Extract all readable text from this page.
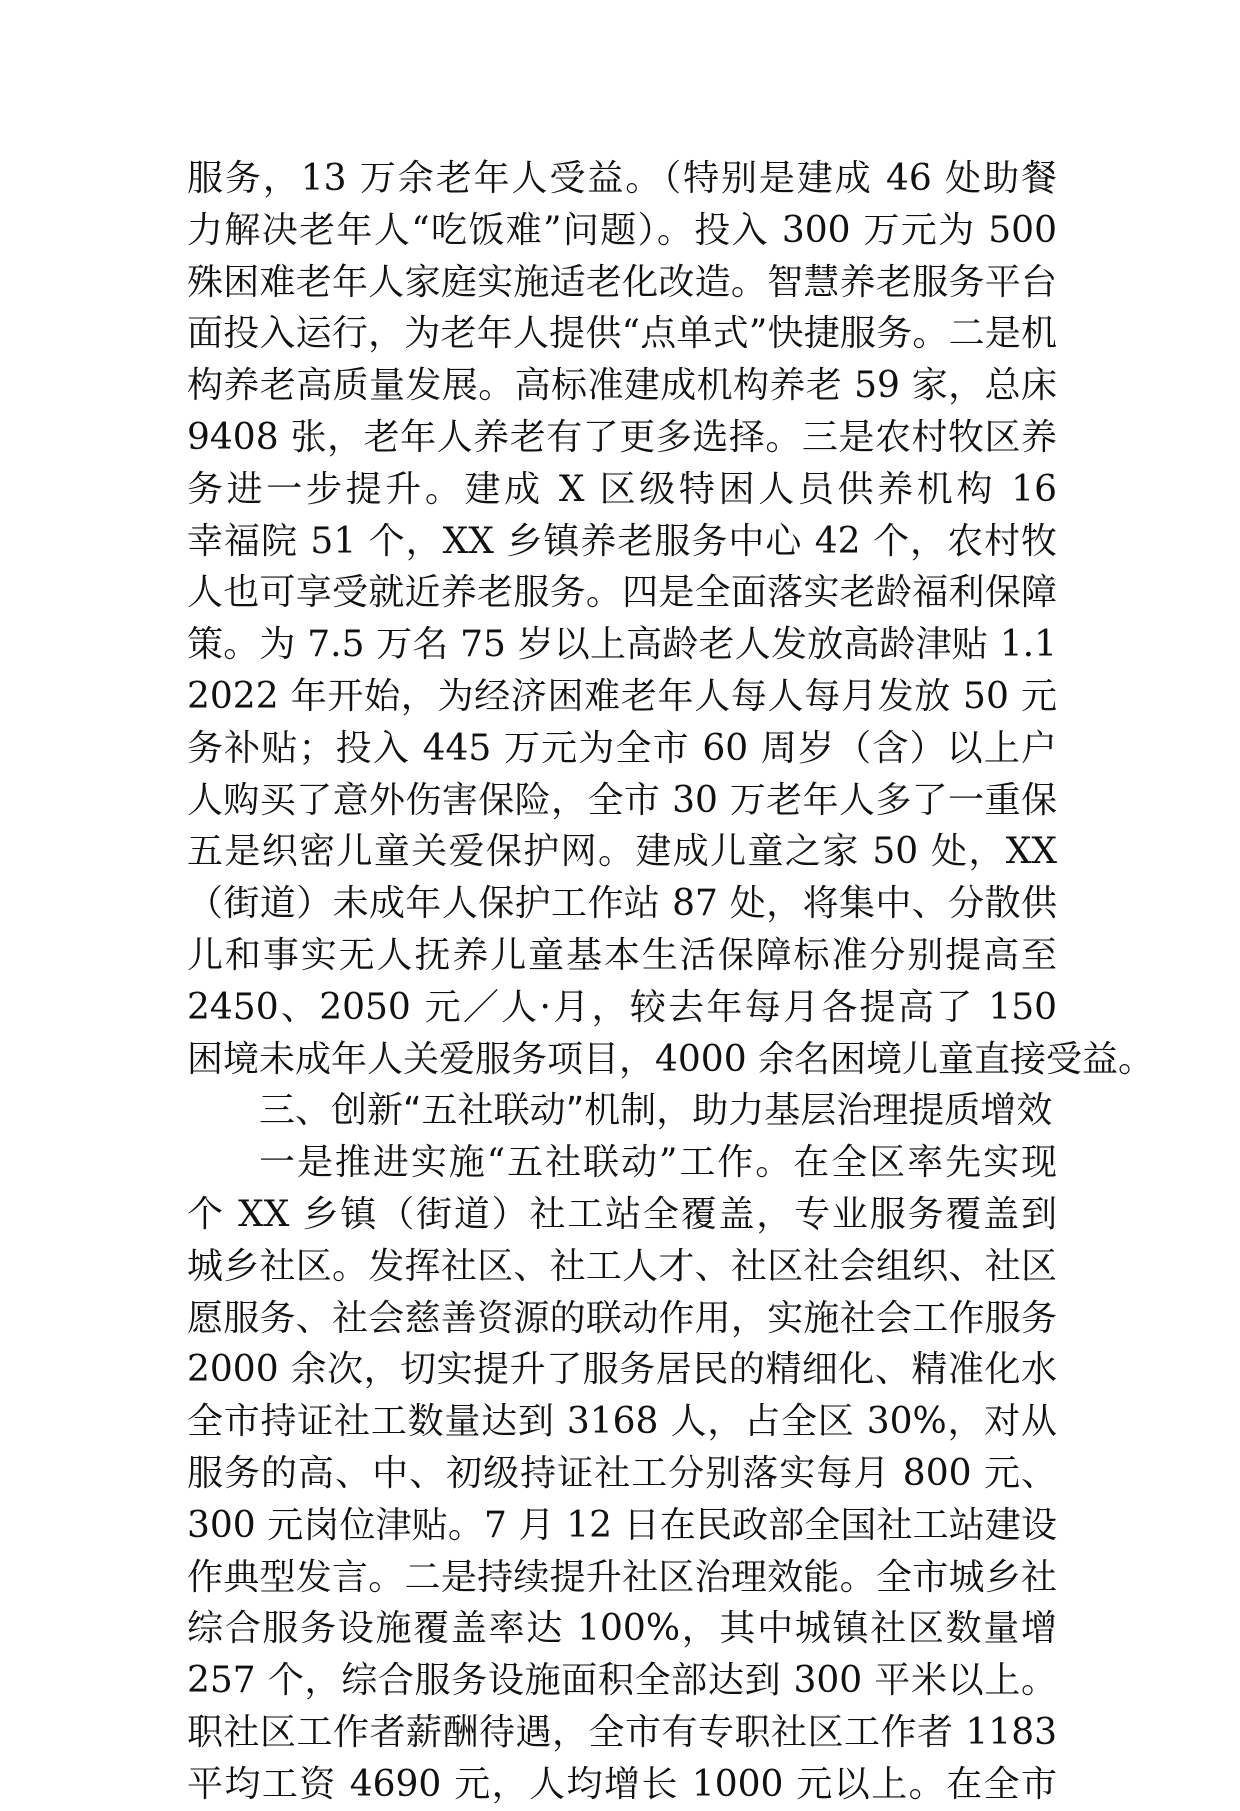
服务，13 万余老年人受益。（特别是建成 46 处助餐
力解决老年人“吃饭难”问题）。投入 300 万元为 500
殊困难老年人家庭实施适老化改造。智慧养老服务平台
面投入运行，为老年人提供“点单式”快捷服务。二是机
构养老高质量发展。高标准建成机构养老 59 家，总床
9408 张，老年人养老有了更多选择。三是农村牧区养
务进一步提升。建成 X 区级特困人员供养机构 16
幸福院 51 个，XX 乡镇养老服务中心 42 个，农村牧
人也可享受就近养老服务。四是全面落实老龄福利保障
策。为 7.5 万名 75 岁以上高龄老人发放高龄津贴 1.1
2022 年开始，为经济困难老年人每人每月发放 50 元
务补贴；投入 445 万元为全市 60 周岁（含）以上户
人购买了意外伤害保险，全市 30 万老年人多了一重保
五是织密儿童关爱保护网。建成儿童之家 50 处，XX
（街道）未成年人保护工作站 87 处，将集中、分散供
儿和事实无人抚养儿童基本生活保障标准分别提高至
2450、2050 元／人·月，较去年每月各提高了 150
困境未成年人关爱服务项目，4000 余名困境儿童直接受益。
三、创新“五社联动”机制，助力基层治理提质增效
一是推进实施“五社联动”工作。在全区率先实现
个 XX 乡镇（街道）社工站全覆盖，专业服务覆盖到
城乡社区。发挥社区、社工人才、社区社会组织、社区
愿服务、社会慈善资源的联动作用，实施社会工作服务
2000 余次，切实提升了服务居民的精细化、精准化水
全市持证社工数量达到 3168 人，占全区 30%，对从
服务的高、中、初级持证社工分别落实每月 800 元、
300 元岗位津贴。7 月 12 日在民政部全国社工站建设
作典型发言。二是持续提升社区治理效能。全市城乡社
综合服务设施覆盖率达 100%，其中城镇社区数量增
257 个，综合服务设施面积全部达到 300 平米以上。
职社区工作者薪酬待遇，全市有专职社区工作者 1183
平均工资 4690 元，人均增长 1000 元以上。在全市
